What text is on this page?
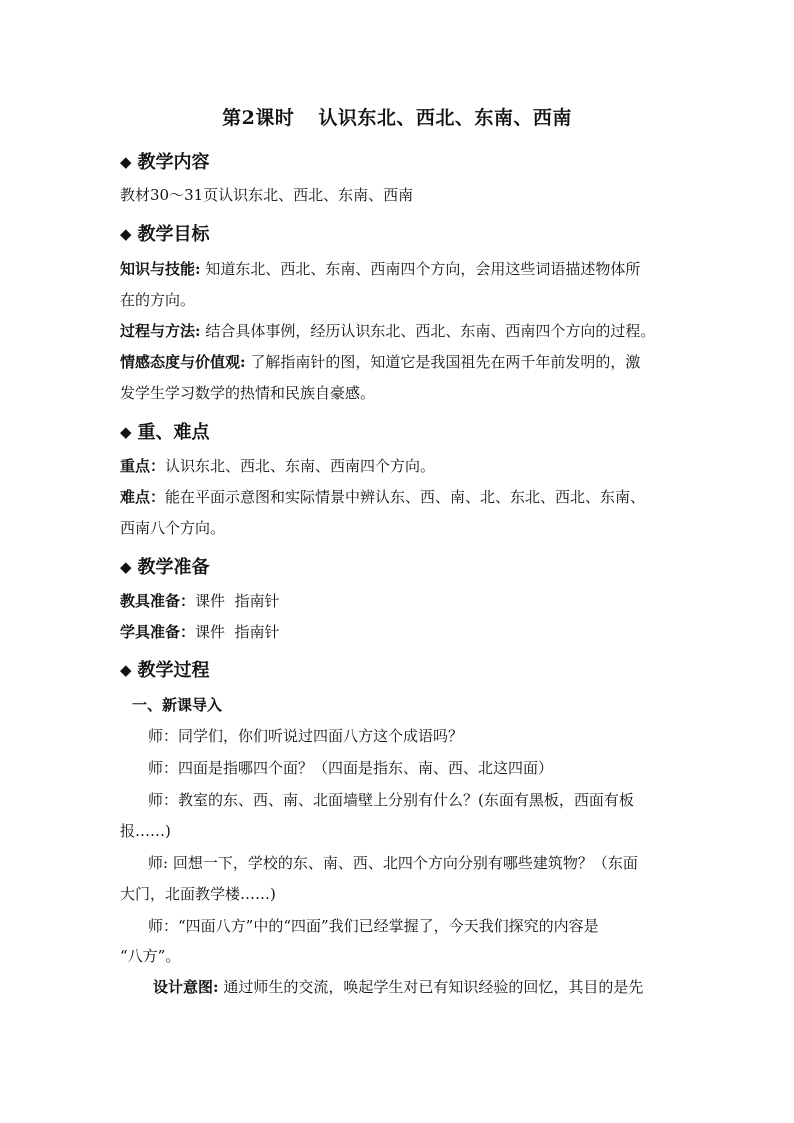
第2课时 认识东北、西北、东南、西南
◆ 教学内容
教材30～31页认识东北、西北、东南、西南
◆ 教学目标
知识与技能: 知道东北、西北、东南、西南四个方向，会用这些词语描述物体所
在的方向。
过程与方法: 结合具体事例，经历认识东北、西北、东南、西南四个方向的过程。
情感态度与价值观: 了解指南针的图，知道它是我国祖先在两千年前发明的，激
发学生学习数学的热情和民族自豪感。
◆ 重、难点
重点：认识东北、西北、东南、西南四个方向。
难点：能在平面示意图和实际情景中辨认东、西、南、北、东北、西北、东南、
西南八个方向。
◆ 教学准备
教具准备：课件  指南针
学具准备：课件  指南针
◆ 教学过程
一、新课导入
师：同学们，你们听说过四面八方这个成语吗？
师：四面是指哪四个面？（四面是指东、南、西、北这四面）
师：教室的东、西、南、北面墙壁上分别有什么？(东面有黑板，西面有板
报……)
师: 回想一下，学校的东、南、西、北四个方向分别有哪些建筑物？（东面
大门，北面教学楼……)
师：“四面八方”中的“四面”我们已经掌握了，今天我们探究的内容是
“八方”。
设计意图: 通过师生的交流，唤起学生对已有知识经验的回忆，其目的是先
